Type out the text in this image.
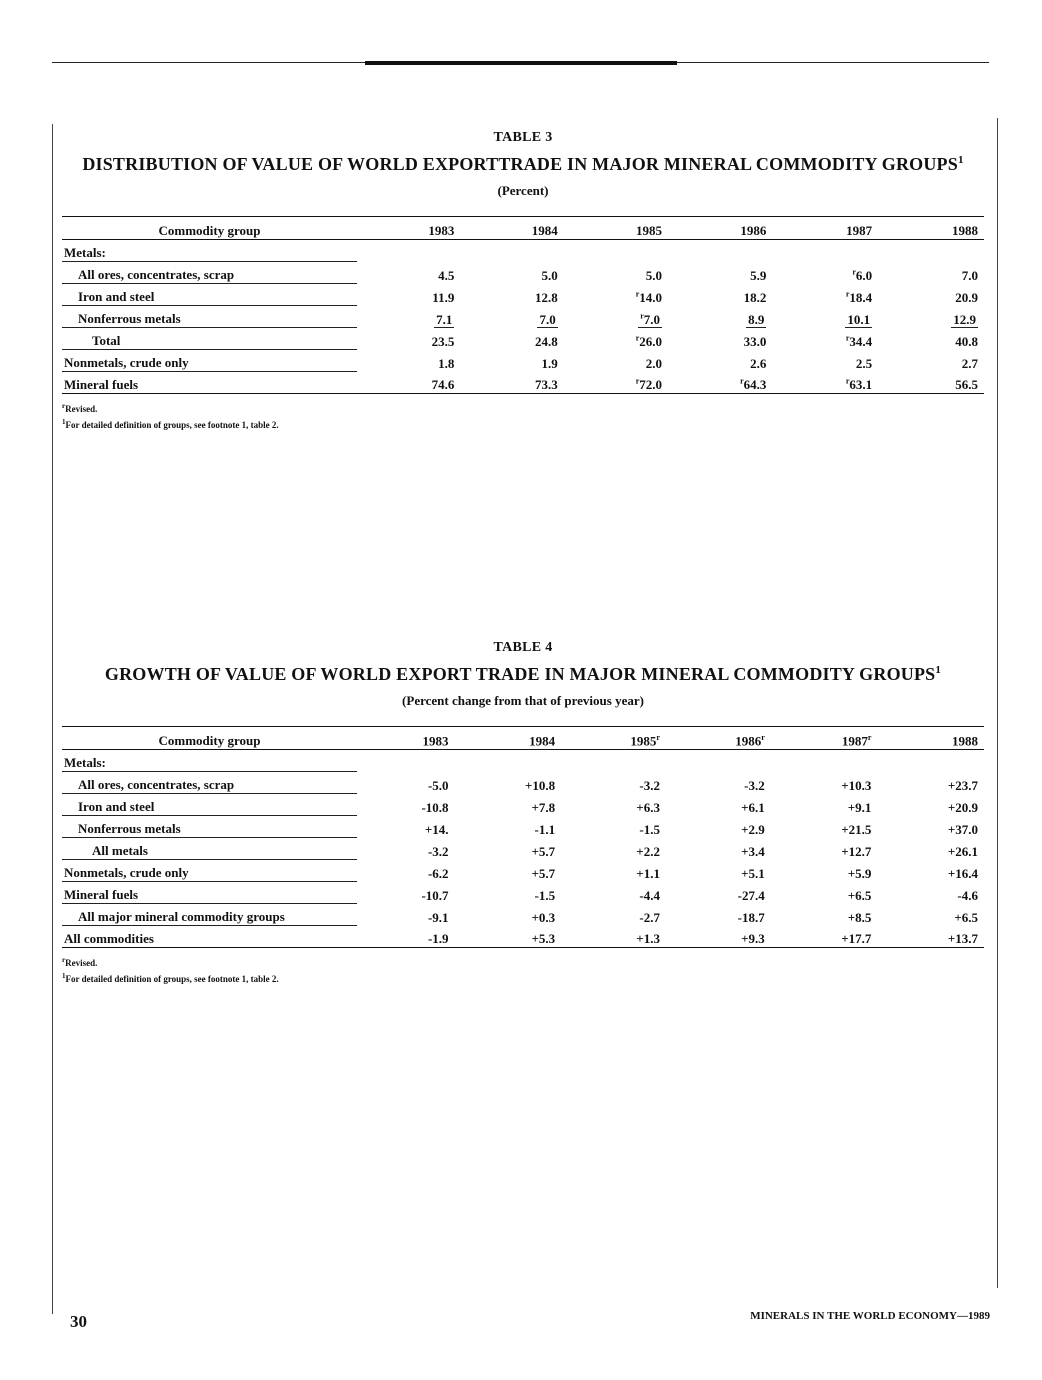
TABLE 3
DISTRIBUTION OF VALUE OF WORLD EXPORTTRADE IN MAJOR MINERAL COMMODITY GROUPS$^1$
(Percent)
Commodity group	1983	1984	1985	1986	1987	1988
Metals:						
All ores, concentrates, scrap	4.5	5.0	5.0	5.9	$^r$6.0	7.0
Iron and steel	11.9	12.8	$^r$14.0	18.2	$^r$18.4	20.9
Nonferrous metals	7.1	7.0	$^r$7.0	8.9	10.1	12.9
Total	23.5	24.8	$^r$26.0	33.0	$^r$34.4	40.8
Nonmetals, crude only	1.8	1.9	2.0	2.6	2.5	2.7
Mineral fuels	74.6	73.3	$^r$72.0	$^r$64.3	$^r$63.1	56.5
$^r$Revised.
$^1$For detailed definition of groups, see footnote 1, table 2.
TABLE 4
GROWTH OF VALUE OF WORLD EXPORT TRADE IN MAJOR MINERAL COMMODITY GROUPS$^1$
(Percent change from that of previous year)
Commodity group	1983	1984	1985$^r$	1986$^r$	1987$^r$	1988
Metals:						
All ores, concentrates, scrap	-5.0	+10.8	-3.2	-3.2	+10.3	+23.7
Iron and steel	-10.8	+7.8	+6.3	+6.1	+9.1	+20.9
Nonferrous metals	+14.	-1.1	-1.5	+2.9	+21.5	+37.0
All metals	-3.2	+5.7	+2.2	+3.4	+12.7	+26.1
Nonmetals, crude only	-6.2	+5.7	+1.1	+5.1	+5.9	+16.4
Mineral fuels	-10.7	-1.5	-4.4	-27.4	+6.5	-4.6
All major mineral commodity groups	-9.1	+0.3	-2.7	-18.7	+8.5	+6.5
All commodities	-1.9	+5.3	+1.3	+9.3	+17.7	+13.7
$^r$Revised.
$^1$For detailed definition of groups, see footnote 1, table 2.
30	MINERALS IN THE WORLD ECONOMY—1989
